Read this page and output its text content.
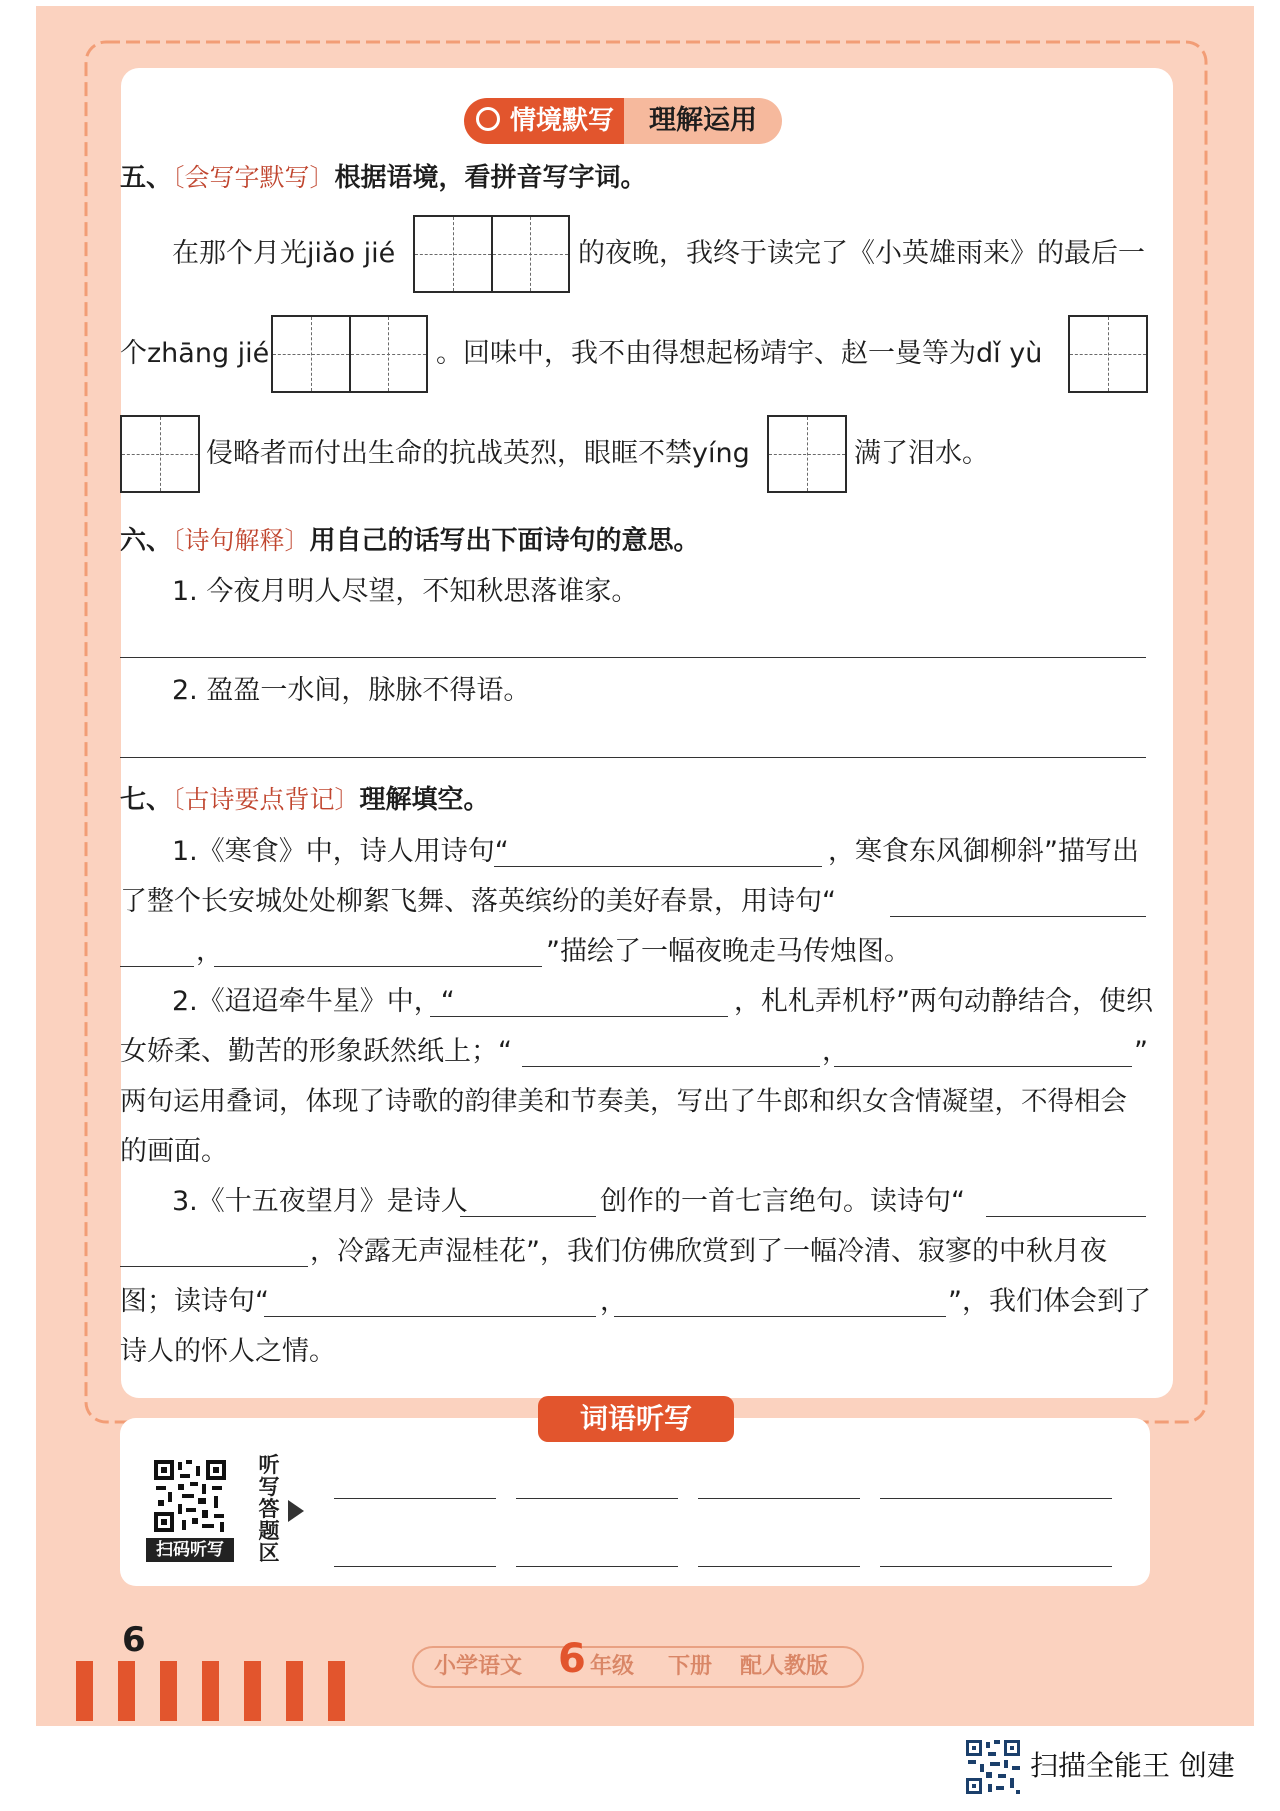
情境默写	理解运用
五、〔会写字默写〕根据语境，看拼音写字词。
在那个月光jiǎo jié	的夜晚，我终于读完了《小英雄雨来》的最后一
个zhāng jié	。回味中，我不由得想起杨靖宇、赵一曼等为dǐ yù
侵略者而付出生命的抗战英烈，眼眶不禁yíng	满了泪水。
六、〔诗句解释〕用自己的话写出下面诗句的意思。
1. 今夜月明人尽望，不知秋思落谁家。
2. 盈盈一水间，脉脉不得语。
七、〔古诗要点背记〕理解填空。
1.《寒食》中，诗人用诗句“	，寒食东风御柳斜”描写出
了整个长安城处处柳絮飞舞、落英缤纷的美好春景，用诗句“
，	”描绘了一幅夜晚走马传烛图。
2.《迢迢牵牛星》中，“	，札札弄机杼”两句动静结合，使织
女娇柔、勤苦的形象跃然纸上；“	，	”
两句运用叠词，体现了诗歌的韵律美和节奏美，写出了牛郎和织女含情凝望，不得相会
的画面。
3.《十五夜望月》是诗人	创作的一首七言绝句。读诗句“
，冷露无声湿桂花”，我们仿佛欣赏到了一幅冷清、寂寥的中秋月夜
图；读诗句“	，	”，我们体会到了
诗人的怀人之情。
词语听写
扫码听写
听
写
答
题
区
6
小学语文 6 年级 下册 配人教版
扫描全能王 创建
